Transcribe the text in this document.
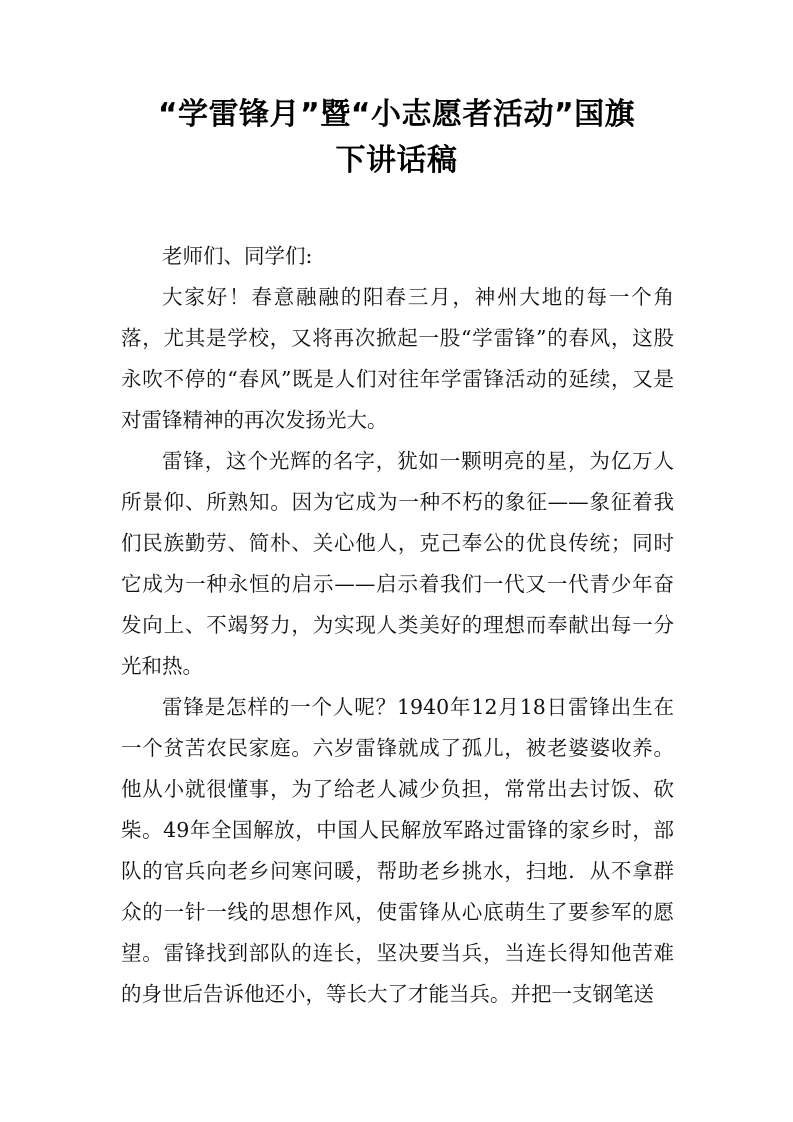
“学雷锋月”暨“小志愿者活动”国旗
下讲话稿

老师们、同学们:

大家好！春意融融的阳春三月，神州大地的每一个角落，尤其是学校，又将再次掀起一股“学雷锋”的春风，这股永吹不停的“春风”既是人们对往年学雷锋活动的延续，又是对雷锋精神的再次发扬光大。

雷锋，这个光辉的名字，犹如一颗明亮的星，为亿万人所景仰、所熟知。因为它成为一种不朽的象征——象征着我们民族勤劳、简朴、关心他人，克己奉公的优良传统；同时它成为一种永恒的启示——启示着我们一代又一代青少年奋发向上、不竭努力，为实现人类美好的理想而奉献出每一分光和热。

雷锋是怎样的一个人呢？1940年12月18日雷锋出生在一个贫苦农民家庭。六岁雷锋就成了孤儿，被老婆婆收养。他从小就很懂事，为了给老人减少负担，常常出去讨饭、砍柴。49年全国解放，中国人民解放军路过雷锋的家乡时，部队的官兵向老乡问寒问暖，帮助老乡挑水，扫地．从不拿群众的一针一线的思想作风，使雷锋从心底萌生了要参军的愿望。雷锋找到部队的连长，坚决要当兵，当连长得知他苦难的身世后告诉他还小，等长大了才能当兵。并把一支钢笔送
